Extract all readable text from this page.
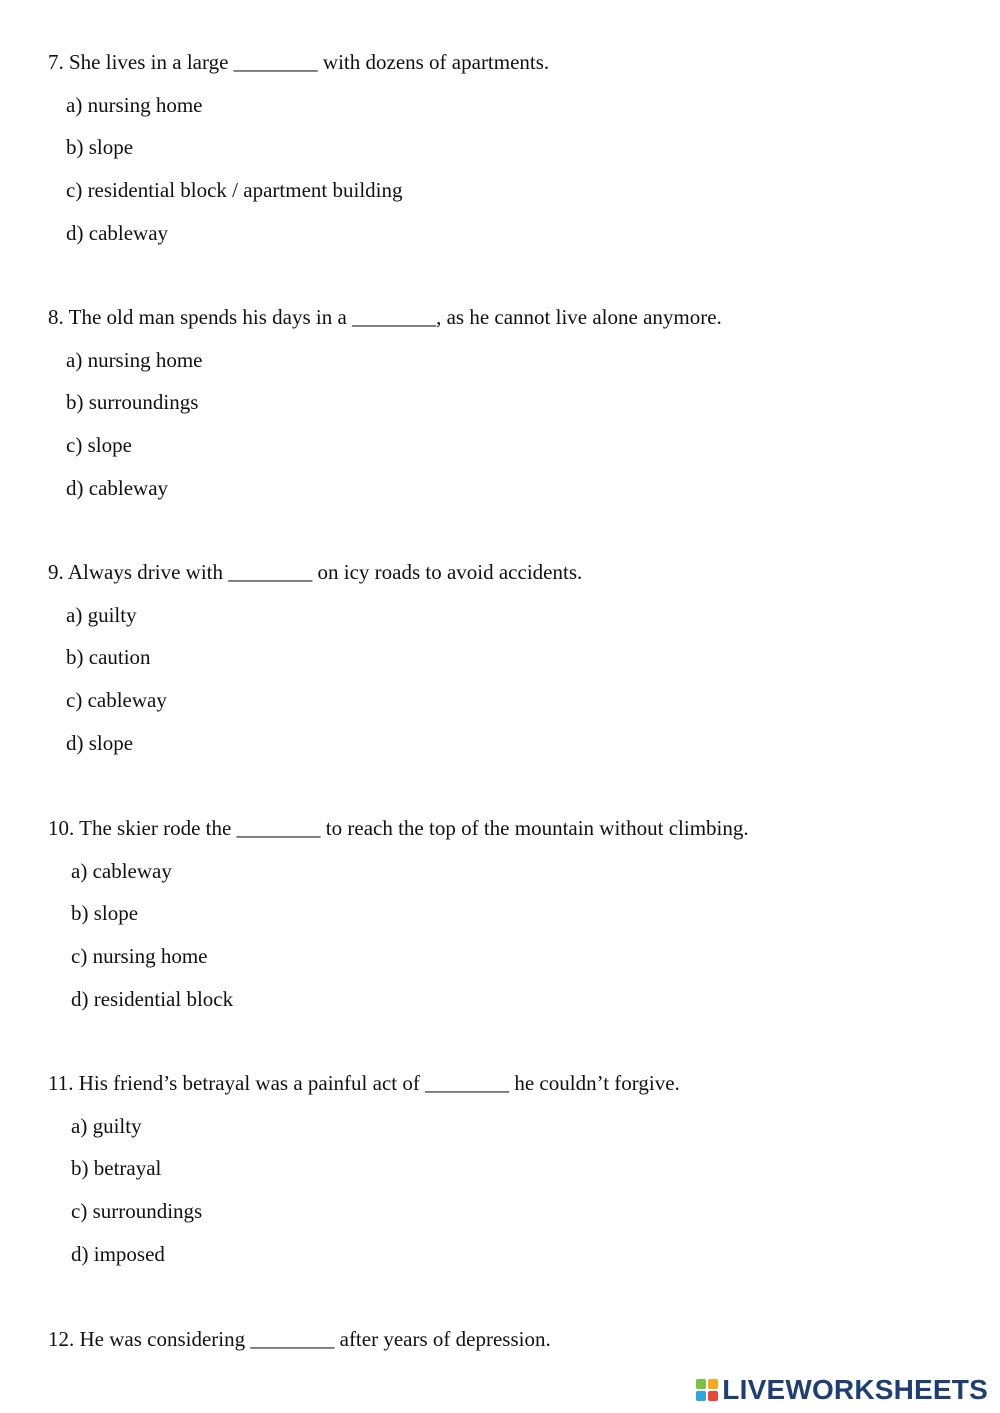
7. She lives in a large ________ with dozens of apartments.

a) nursing home
b) slope
c) residential block / apartment building
d) cableway

8. The old man spends his days in a ________, as he cannot live alone anymore.

a) nursing home
b) surroundings
c) slope
d) cableway

9. Always drive with ________ on icy roads to avoid accidents.

a) guilty
b) caution
c) cableway
d) slope

10. The skier rode the ________ to reach the top of the mountain without climbing.

a) cableway
b) slope
c) nursing home
d) residential block

11. His friend’s betrayal was a painful act of ________ he couldn’t forgive.

a) guilty
b) betrayal
c) surroundings
d) imposed

12. He was considering ________ after years of depression.

LIVEWORKSHEETS
